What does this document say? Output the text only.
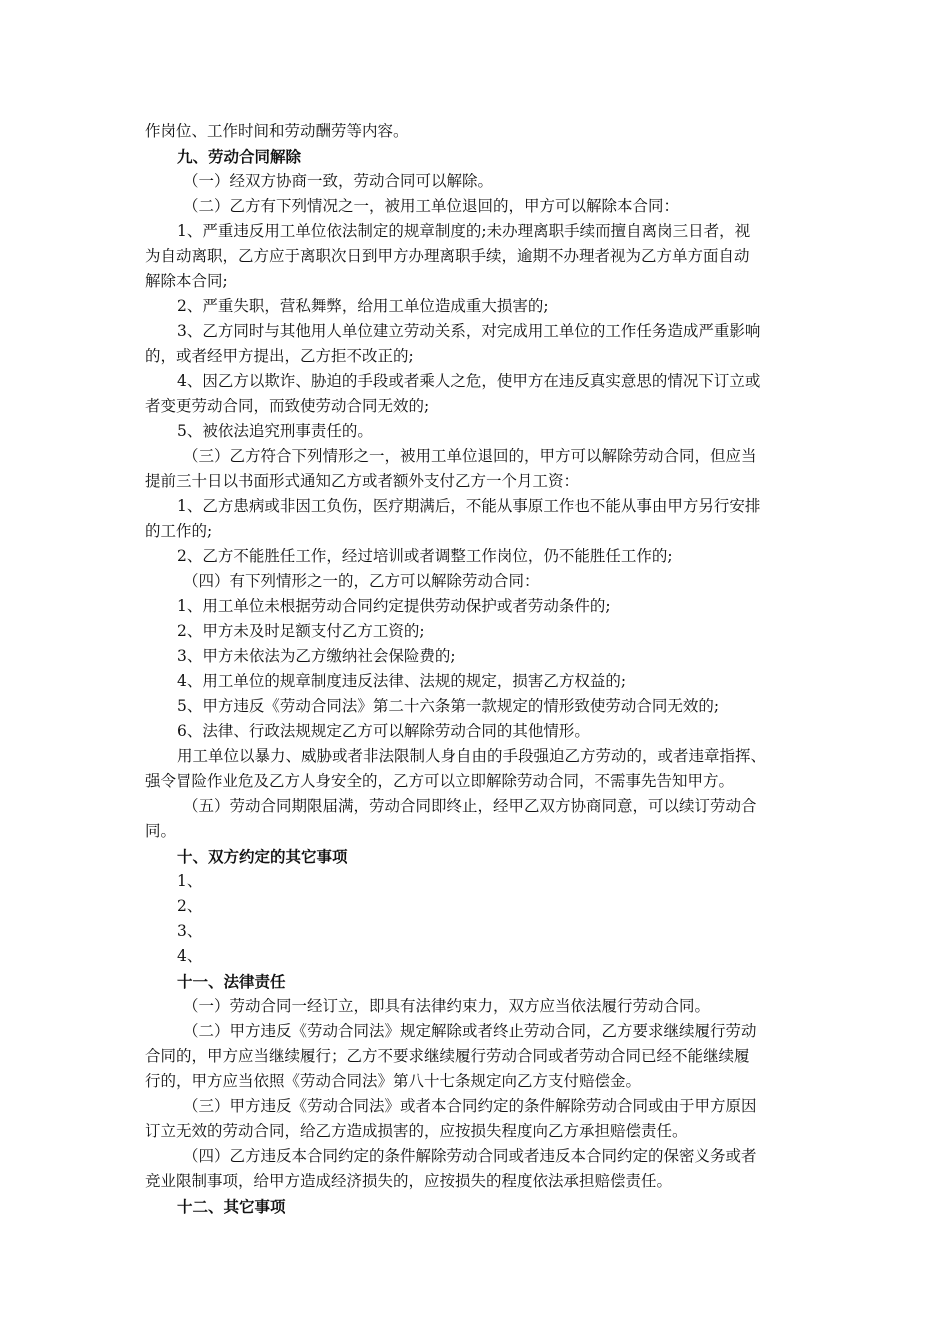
作岗位、工作时间和劳动酬劳等内容。
九、劳动合同解除
（一）经双方协商一致，劳动合同可以解除。
（二）乙方有下列情况之一，被用工单位退回的，甲方可以解除本合同：
1、严重违反用工单位依法制定的规章制度的;未办理离职手续而擅自离岗三日者，视
为自动离职，乙方应于离职次日到甲方办理离职手续，逾期不办理者视为乙方单方面自动
解除本合同;
2、严重失职，营私舞弊，给用工单位造成重大损害的;
3、乙方同时与其他用人单位建立劳动关系，对完成用工单位的工作任务造成严重影响
的，或者经甲方提出，乙方拒不改正的;
4、因乙方以欺诈、胁迫的手段或者乘人之危，使甲方在违反真实意思的情况下订立或
者变更劳动合同，而致使劳动合同无效的;
5、被依法追究刑事责任的。
（三）乙方符合下列情形之一，被用工单位退回的，甲方可以解除劳动合同，但应当
提前三十日以书面形式通知乙方或者额外支付乙方一个月工资：
1、乙方患病或非因工负伤，医疗期满后，不能从事原工作也不能从事由甲方另行安排
的工作的;
2、乙方不能胜任工作，经过培训或者调整工作岗位，仍不能胜任工作的;
（四）有下列情形之一的，乙方可以解除劳动合同：
1、用工单位未根据劳动合同约定提供劳动保护或者劳动条件的;
2、甲方未及时足额支付乙方工资的;
3、甲方未依法为乙方缴纳社会保险费的;
4、用工单位的规章制度违反法律、法规的规定，损害乙方权益的;
5、甲方违反《劳动合同法》第二十六条第一款规定的情形致使劳动合同无效的;
6、法律、行政法规规定乙方可以解除劳动合同的其他情形。
用工单位以暴力、威胁或者非法限制人身自由的手段强迫乙方劳动的，或者违章指挥、
强令冒险作业危及乙方人身安全的，乙方可以立即解除劳动合同，不需事先告知甲方。
（五）劳动合同期限届满，劳动合同即终止，经甲乙双方协商同意，可以续订劳动合
同。
十、双方约定的其它事项
1、
2、
3、
4、
十一、法律责任
（一）劳动合同一经订立，即具有法律约束力，双方应当依法履行劳动合同。
（二）甲方违反《劳动合同法》规定解除或者终止劳动合同，乙方要求继续履行劳动
合同的，甲方应当继续履行；乙方不要求继续履行劳动合同或者劳动合同已经不能继续履
行的，甲方应当依照《劳动合同法》第八十七条规定向乙方支付赔偿金。
（三）甲方违反《劳动合同法》或者本合同约定的条件解除劳动合同或由于甲方原因
订立无效的劳动合同，给乙方造成损害的，应按损失程度向乙方承担赔偿责任。
（四）乙方违反本合同约定的条件解除劳动合同或者违反本合同约定的保密义务或者
竞业限制事项，给甲方造成经济损失的，应按损失的程度依法承担赔偿责任。
十二、其它事项
